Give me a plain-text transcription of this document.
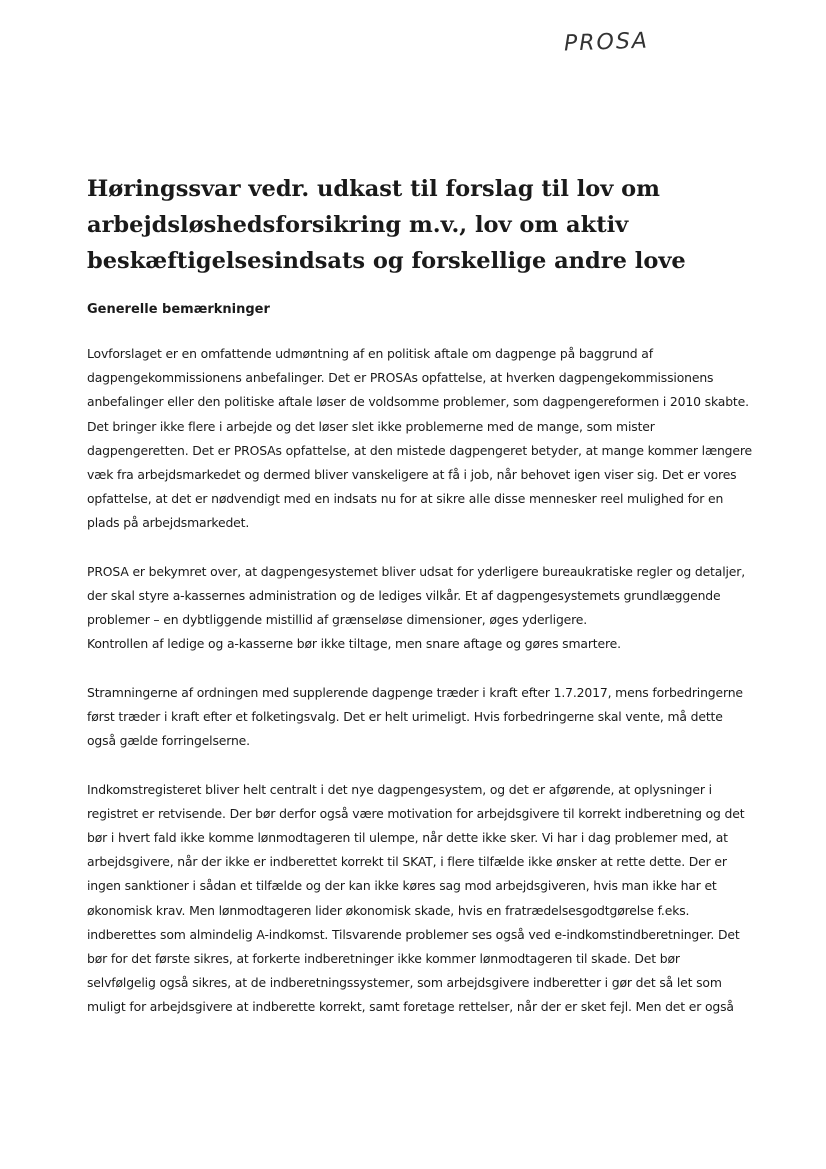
PROSA
Høringssvar vedr. udkast til forslag til lov om
arbejdsløshedsforsikring m.v., lov om aktiv
beskæftigelsesindsats og forskellige andre love
Generelle bemærkninger

Lovforslaget er en omfattende udmøntning af en politisk aftale om dagpenge på baggrund af
dagpengekommissionens anbefalinger. Det er PROSAs opfattelse, at hverken dagpengekommissionens
anbefalinger eller den politiske aftale løser de voldsomme problemer, som dagpengereformen i 2010 skabte.
Det bringer ikke flere i arbejde og det løser slet ikke problemerne med de mange, som mister
dagpengeretten. Det er PROSAs opfattelse, at den mistede dagpengeret betyder, at mange kommer længere
væk fra arbejdsmarkedet og dermed bliver vanskeligere at få i job, når behovet igen viser sig. Det er vores
opfattelse, at det er nødvendigt med en indsats nu for at sikre alle disse mennesker reel mulighed for en
plads på arbejdsmarkedet.

PROSA er bekymret over, at dagpengesystemet bliver udsat for yderligere bureaukratiske regler og detaljer,
der skal styre a-kassernes administration og de lediges vilkår. Et af dagpengesystemets grundlæggende
problemer – en dybtliggende mistillid af grænseløse dimensioner, øges yderligere.
Kontrollen af ledige og a-kasserne bør ikke tiltage, men snare aftage og gøres smartere.

Stramningerne af ordningen med supplerende dagpenge træder i kraft efter 1.7.2017, mens forbedringerne
først træder i kraft efter et folketingsvalg. Det er helt urimeligt. Hvis forbedringerne skal vente, må dette
også gælde forringelserne.

Indkomstregisteret bliver helt centralt i det nye dagpengesystem, og det er afgørende, at oplysninger i
registret er retvisende. Der bør derfor også være motivation for arbejdsgivere til korrekt indberetning og det
bør i hvert fald ikke komme lønmodtageren til ulempe, når dette ikke sker. Vi har i dag problemer med, at
arbejdsgivere, når der ikke er indberettet korrekt til SKAT, i flere tilfælde ikke ønsker at rette dette. Der er
ingen sanktioner i sådan et tilfælde og der kan ikke køres sag mod arbejdsgiveren, hvis man ikke har et
økonomisk krav. Men lønmodtageren lider økonomisk skade, hvis en fratrædelsesgodtgørelse f.eks.
indberettes som almindelig A-indkomst. Tilsvarende problemer ses også ved e-indkomstindberetninger. Det
bør for det første sikres, at forkerte indberetninger ikke kommer lønmodtageren til skade. Det bør
selvfølgelig også sikres, at de indberetningssystemer, som arbejdsgivere indberetter i gør det så let som
muligt for arbejdsgivere at indberette korrekt, samt foretage rettelser, når der er sket fejl. Men det er også
